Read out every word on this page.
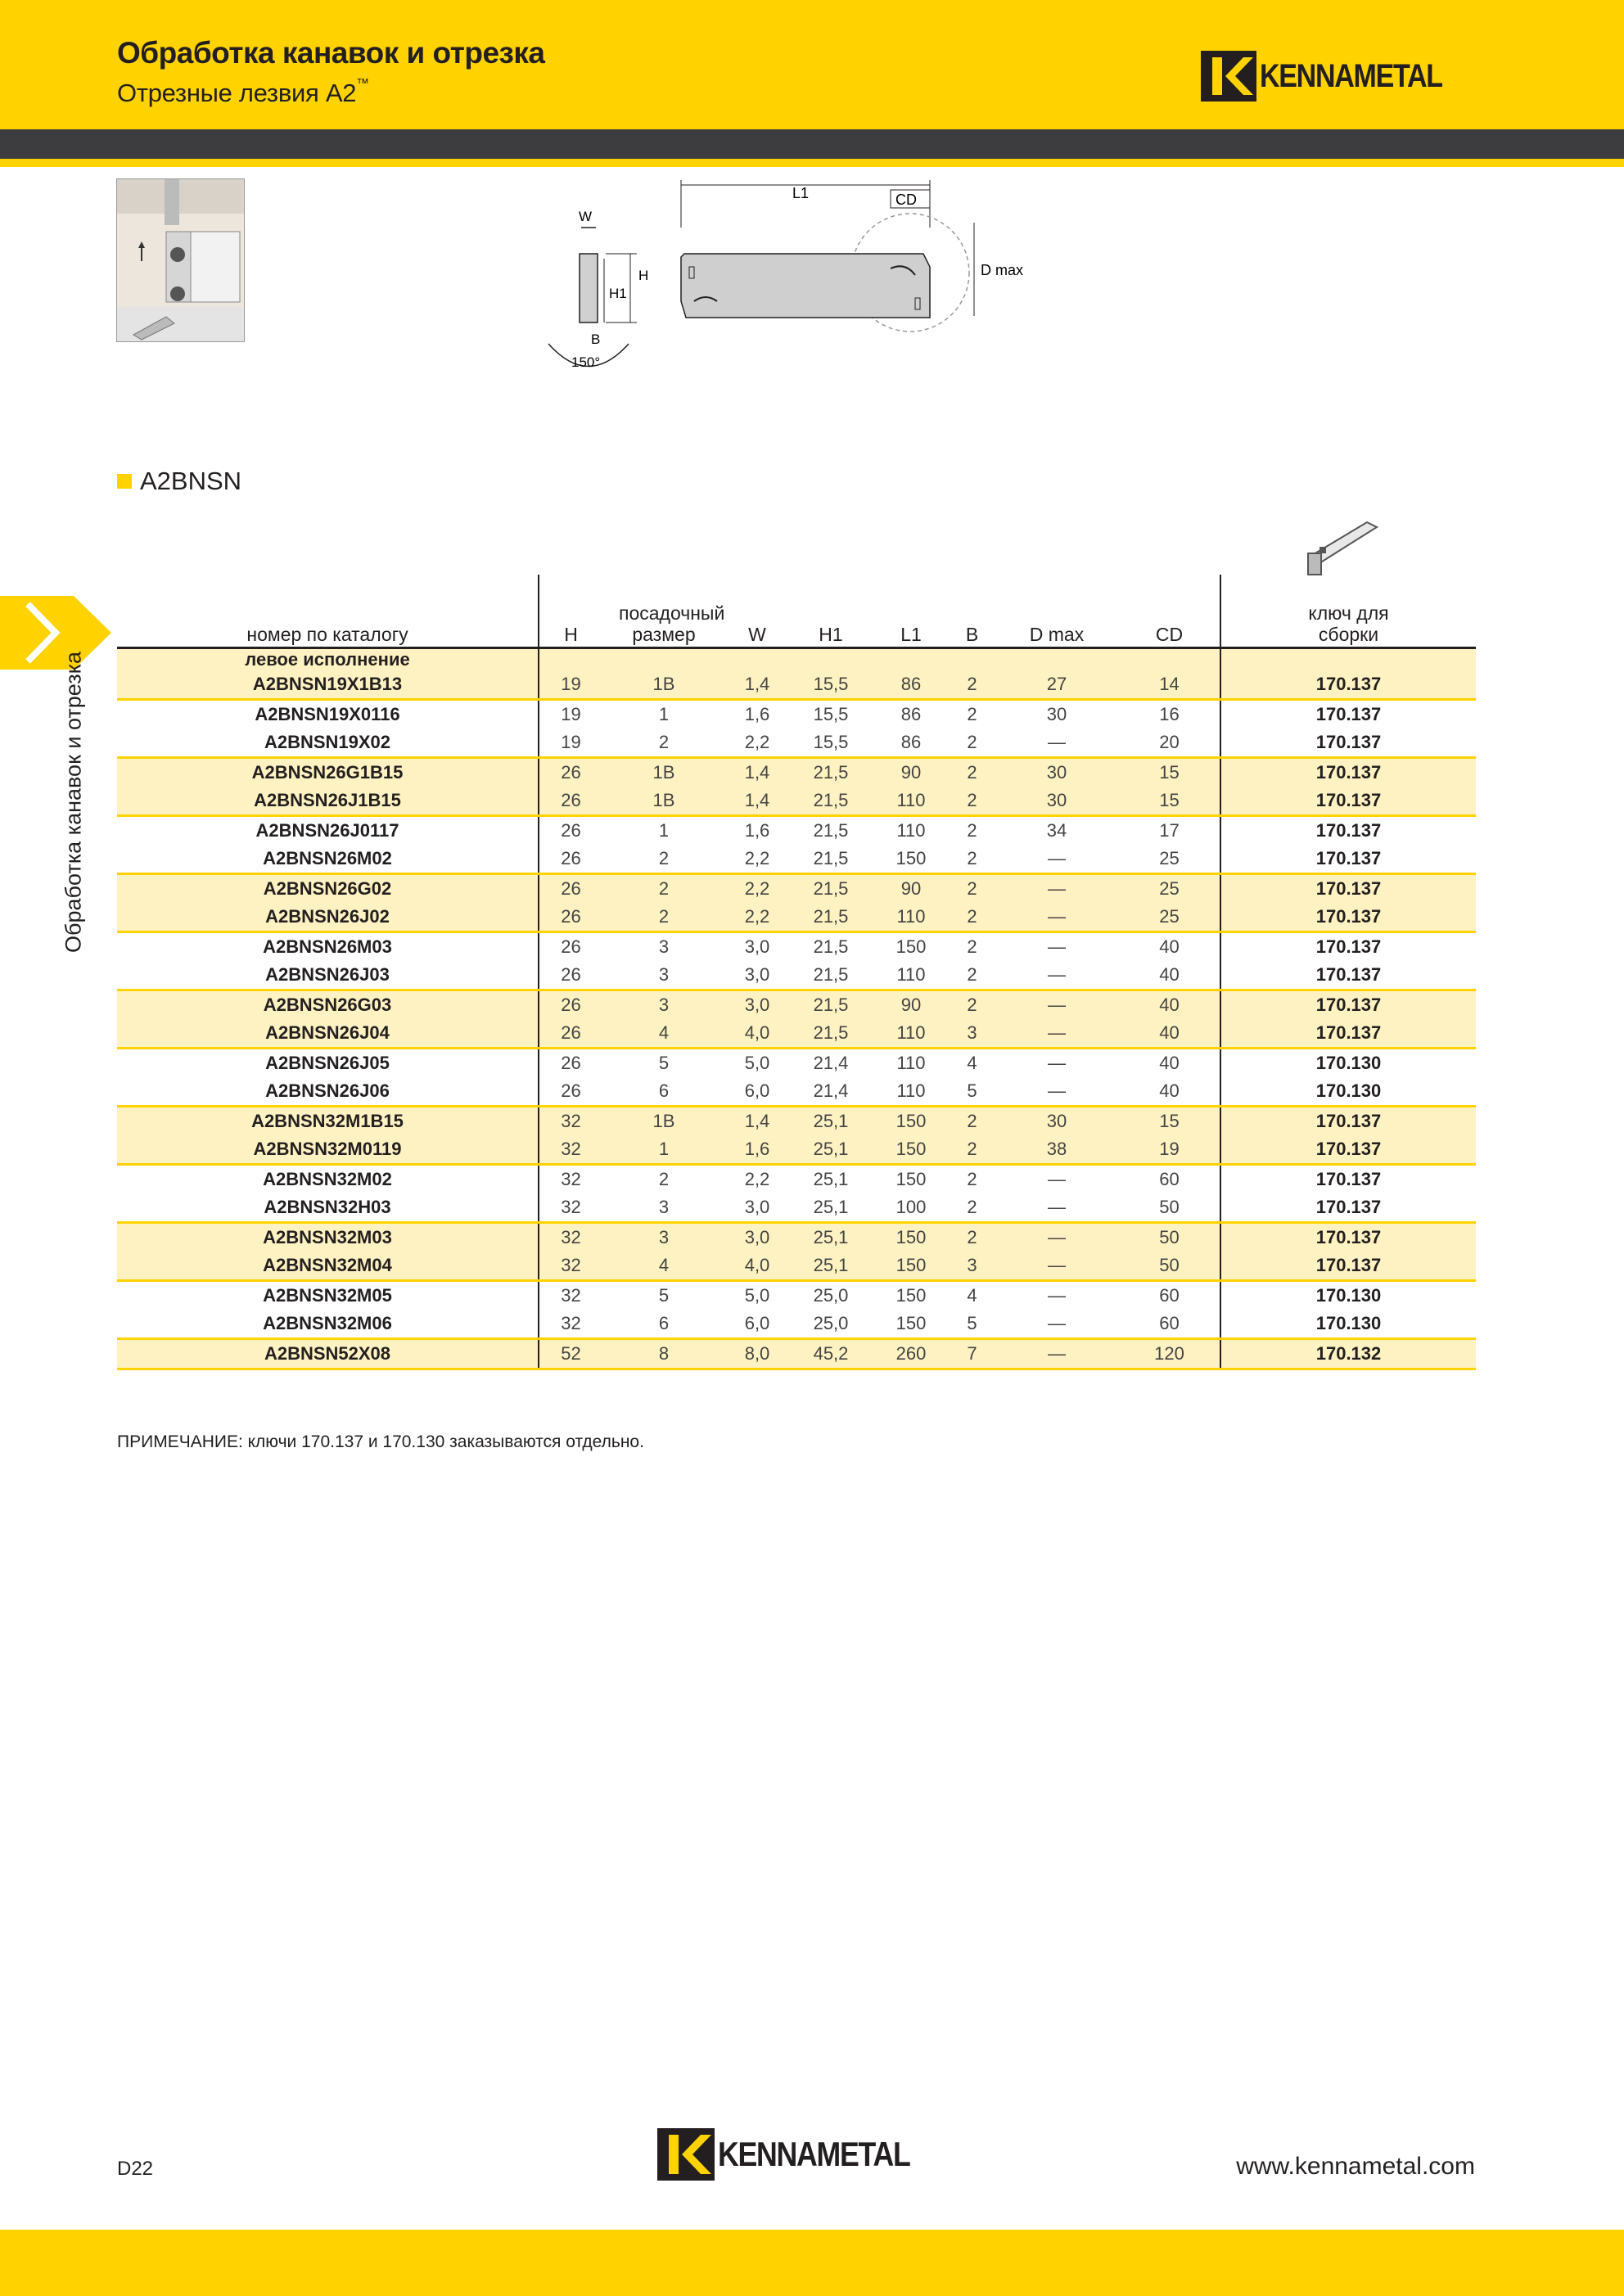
Обработка канавок и отрезка
Отрезные лезвия A2™	KENNAMETAL
Обработка канавок и отрезка
W
H
H1
B
150°
L1	CD
D max
A2BNSN
номер по каталогу	H	посадочный размер	W	H1	L1	B	D max	CD	ключ для сборки
левое исполнение									
A2BNSN19X1B13	19	1В	1,4	15,5	86	2	27	14	170.137
A2BNSN19X0116	19	1	1,6	15,5	86	2	30	16	170.137
A2BNSN19X02	19	2	2,2	15,5	86	2	—	20	170.137
A2BNSN26G1B15	26	1В	1,4	21,5	90	2	30	15	170.137
A2BNSN26J1B15	26	1В	1,4	21,5	110	2	30	15	170.137
A2BNSN26J0117	26	1	1,6	21,5	110	2	34	17	170.137
A2BNSN26M02	26	2	2,2	21,5	150	2	—	25	170.137
A2BNSN26G02	26	2	2,2	21,5	90	2	—	25	170.137
A2BNSN26J02	26	2	2,2	21,5	110	2	—	25	170.137
A2BNSN26M03	26	3	3,0	21,5	150	2	—	40	170.137
A2BNSN26J03	26	3	3,0	21,5	110	2	—	40	170.137
A2BNSN26G03	26	3	3,0	21,5	90	2	—	40	170.137
A2BNSN26J04	26	4	4,0	21,5	110	3	—	40	170.137
A2BNSN26J05	26	5	5,0	21,4	110	4	—	40	170.130
A2BNSN26J06	26	6	6,0	21,4	110	5	—	40	170.130
A2BNSN32M1B15	32	1В	1,4	25,1	150	2	30	15	170.137
A2BNSN32M0119	32	1	1,6	25,1	150	2	38	19	170.137
A2BNSN32M02	32	2	2,2	25,1	150	2	—	60	170.137
A2BNSN32H03	32	3	3,0	25,1	100	2	—	50	170.137
A2BNSN32M03	32	3	3,0	25,1	150	2	—	50	170.137
A2BNSN32M04	32	4	4,0	25,1	150	3	—	50	170.137
A2BNSN32M05	32	5	5,0	25,0	150	4	—	60	170.130
A2BNSN32M06	32	6	6,0	25,0	150	5	—	60	170.130
A2BNSN52X08	52	8	8,0	45,2	260	7	—	120	170.132
ПРИМЕЧАНИЕ: ключи 170.137 и 170.130 заказываются отдельно.
D22	KENNAMETAL	www.kennametal.com
